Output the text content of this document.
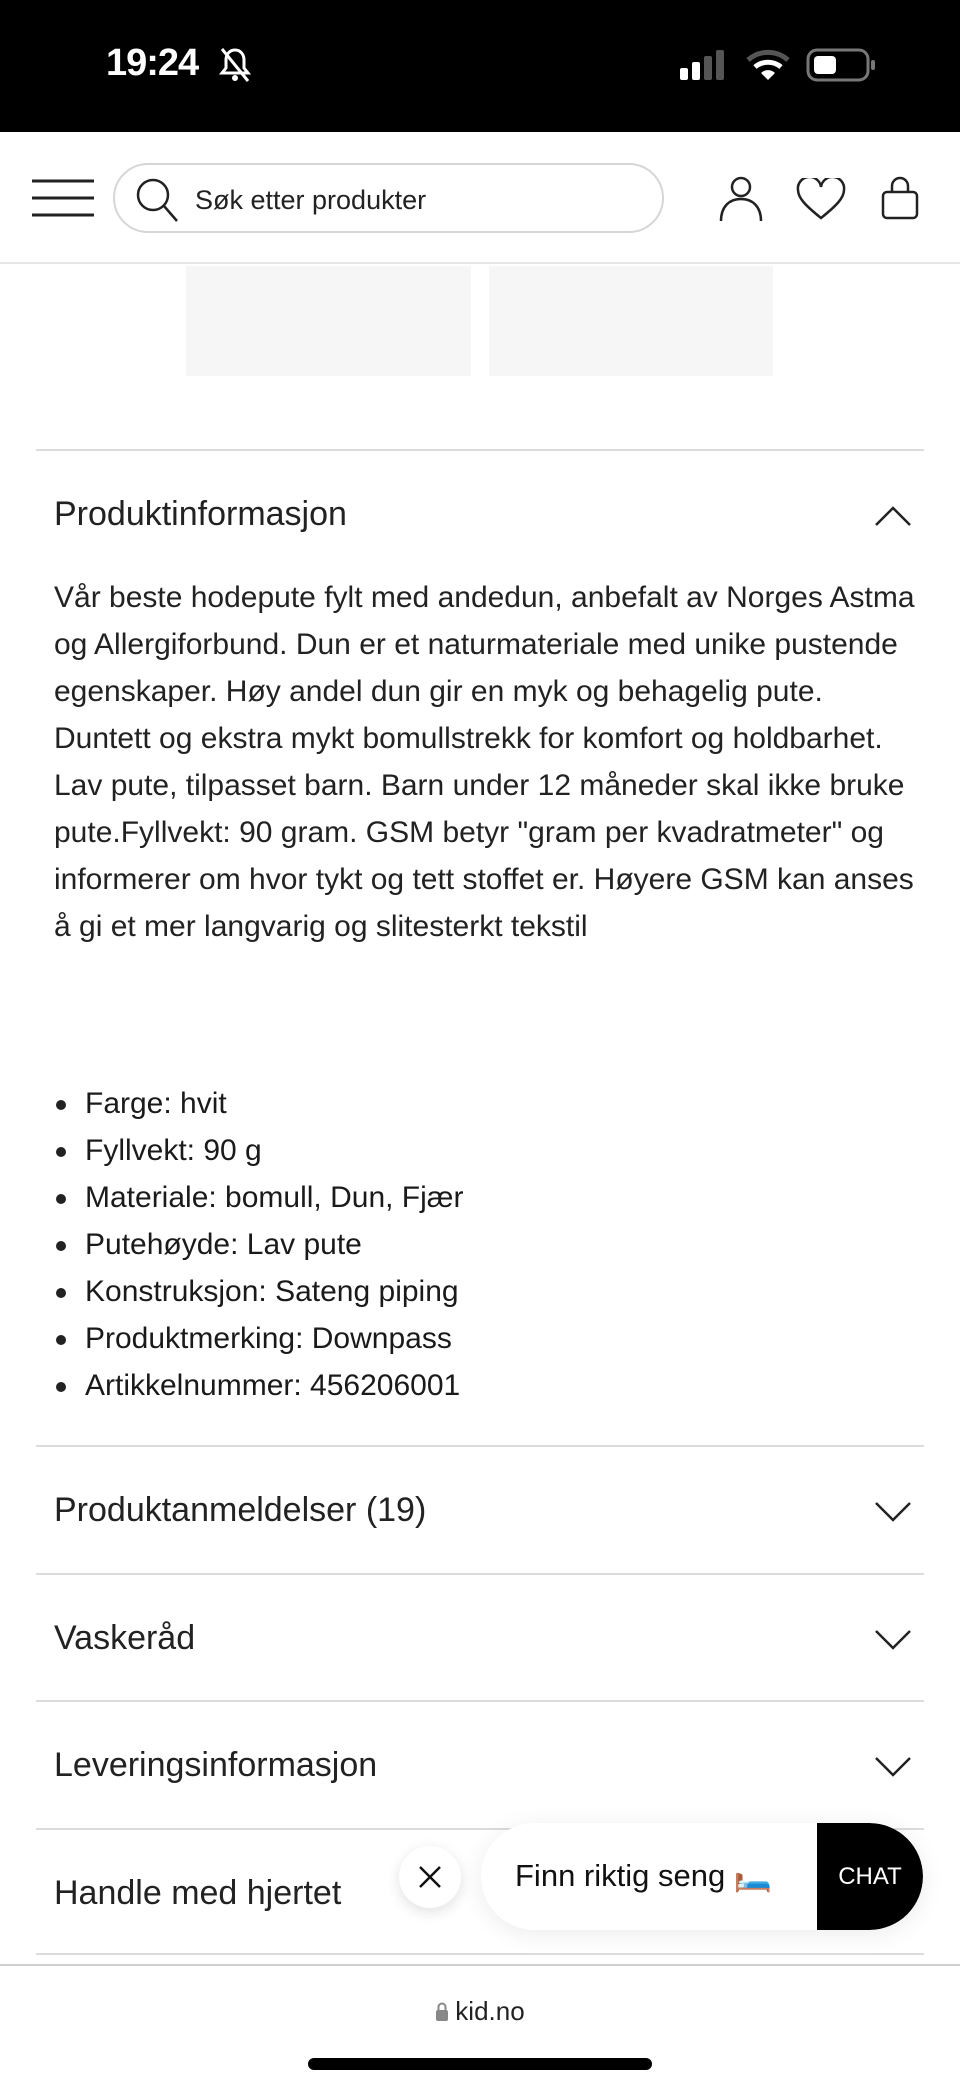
19:24
Søk etter produkter
Produktinformasjon

Vår beste hodepute fylt med andedun, anbefalt av Norges Astma og Allergiforbund. Dun er et naturmateriale med unike pustende egenskaper. Høy andel dun gir en myk og behagelig pute. Duntett og ekstra mykt bomullstrekk for komfort og holdbarhet. Lav pute, tilpasset barn. Barn under 12 måneder skal ikke bruke pute.Fyllvekt: 90 gram. GSM betyr "gram per kvadratmeter" og informerer om hvor tykt og tett stoffet er. Høyere GSM kan anses å gi et mer langvarig og slitesterkt tekstil

Farge: hvit
Fyllvekt: 90 g
Materiale: bomull, Dun, Fjær
Putehøyde: Lav pute
Konstruksjon: Sateng piping
Produktmerking: Downpass
Artikkelnummer: 456206001
Produktanmeldelser (19)
Vaskeråd
Leveringsinformasjon
Handle med hjertet	Finn riktig seng 🛏️	CHAT
kid.no
